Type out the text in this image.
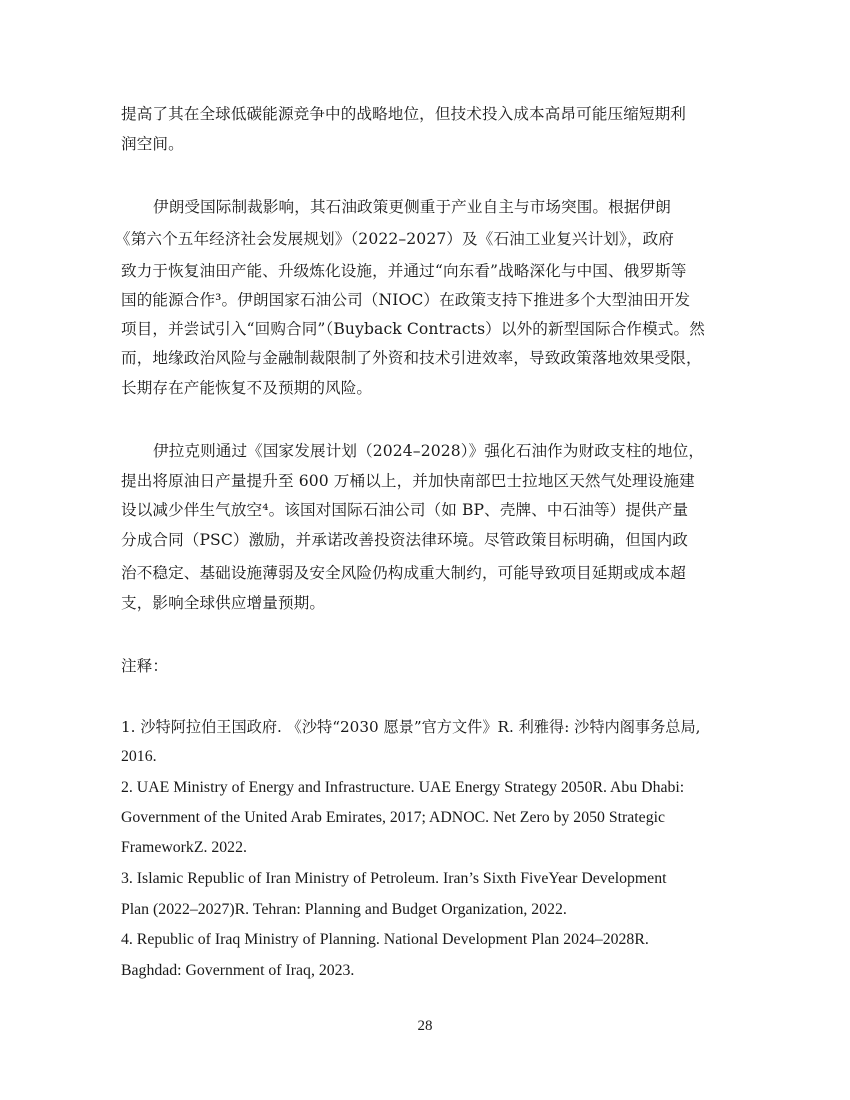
提高了其在全球低碳能源竞争中的战略地位，但技术投入成本高昂可能压缩短期利
润空间。
伊朗受国际制裁影响，其石油政策更侧重于产业自主与市场突围。根据伊朗
《第六个五年经济社会发展规划》（2022–2027）及《石油工业复兴计划》，政府
致力于恢复油田产能、升级炼化设施，并通过“向东看”战略深化与中国、俄罗斯等
国的能源合作³。伊朗国家石油公司（NIOC）在政策支持下推进多个大型油田开发
项目，并尝试引入“回购合同”（Buyback Contracts）以外的新型国际合作模式。然
而，地缘政治风险与金融制裁限制了外资和技术引进效率，导致政策落地效果受限，
长期存在产能恢复不及预期的风险。
伊拉克则通过《国家发展计划（2024–2028）》强化石油作为财政支柱的地位，
提出将原油日产量提升至 600 万桶以上，并加快南部巴士拉地区天然气处理设施建
设以减少伴生气放空⁴。该国对国际石油公司（如 BP、壳牌、中石油等）提供产量
分成合同（PSC）激励，并承诺改善投资法律环境。尽管政策目标明确，但国内政
治不稳定、基础设施薄弱及安全风险仍构成重大制约，可能导致项目延期或成本超
支，影响全球供应增量预期。
注释：
1. 沙特阿拉伯王国政府. 《沙特“2030 愿景”官方文件》R. 利雅得: 沙特内阁事务总局,
2016.
2. UAE Ministry of Energy and Infrastructure. UAE Energy Strategy 2050R. Abu Dhabi:
Government of the United Arab Emirates, 2017; ADNOC. Net Zero by 2050 Strategic
FrameworkZ. 2022.
3. Islamic Republic of Iran Ministry of Petroleum. Iran’s Sixth FiveYear Development
Plan (2022–2027)R. Tehran: Planning and Budget Organization, 2022.
4. Republic of Iraq Ministry of Planning. National Development Plan 2024–2028R.
Baghdad: Government of Iraq, 2023.
28
